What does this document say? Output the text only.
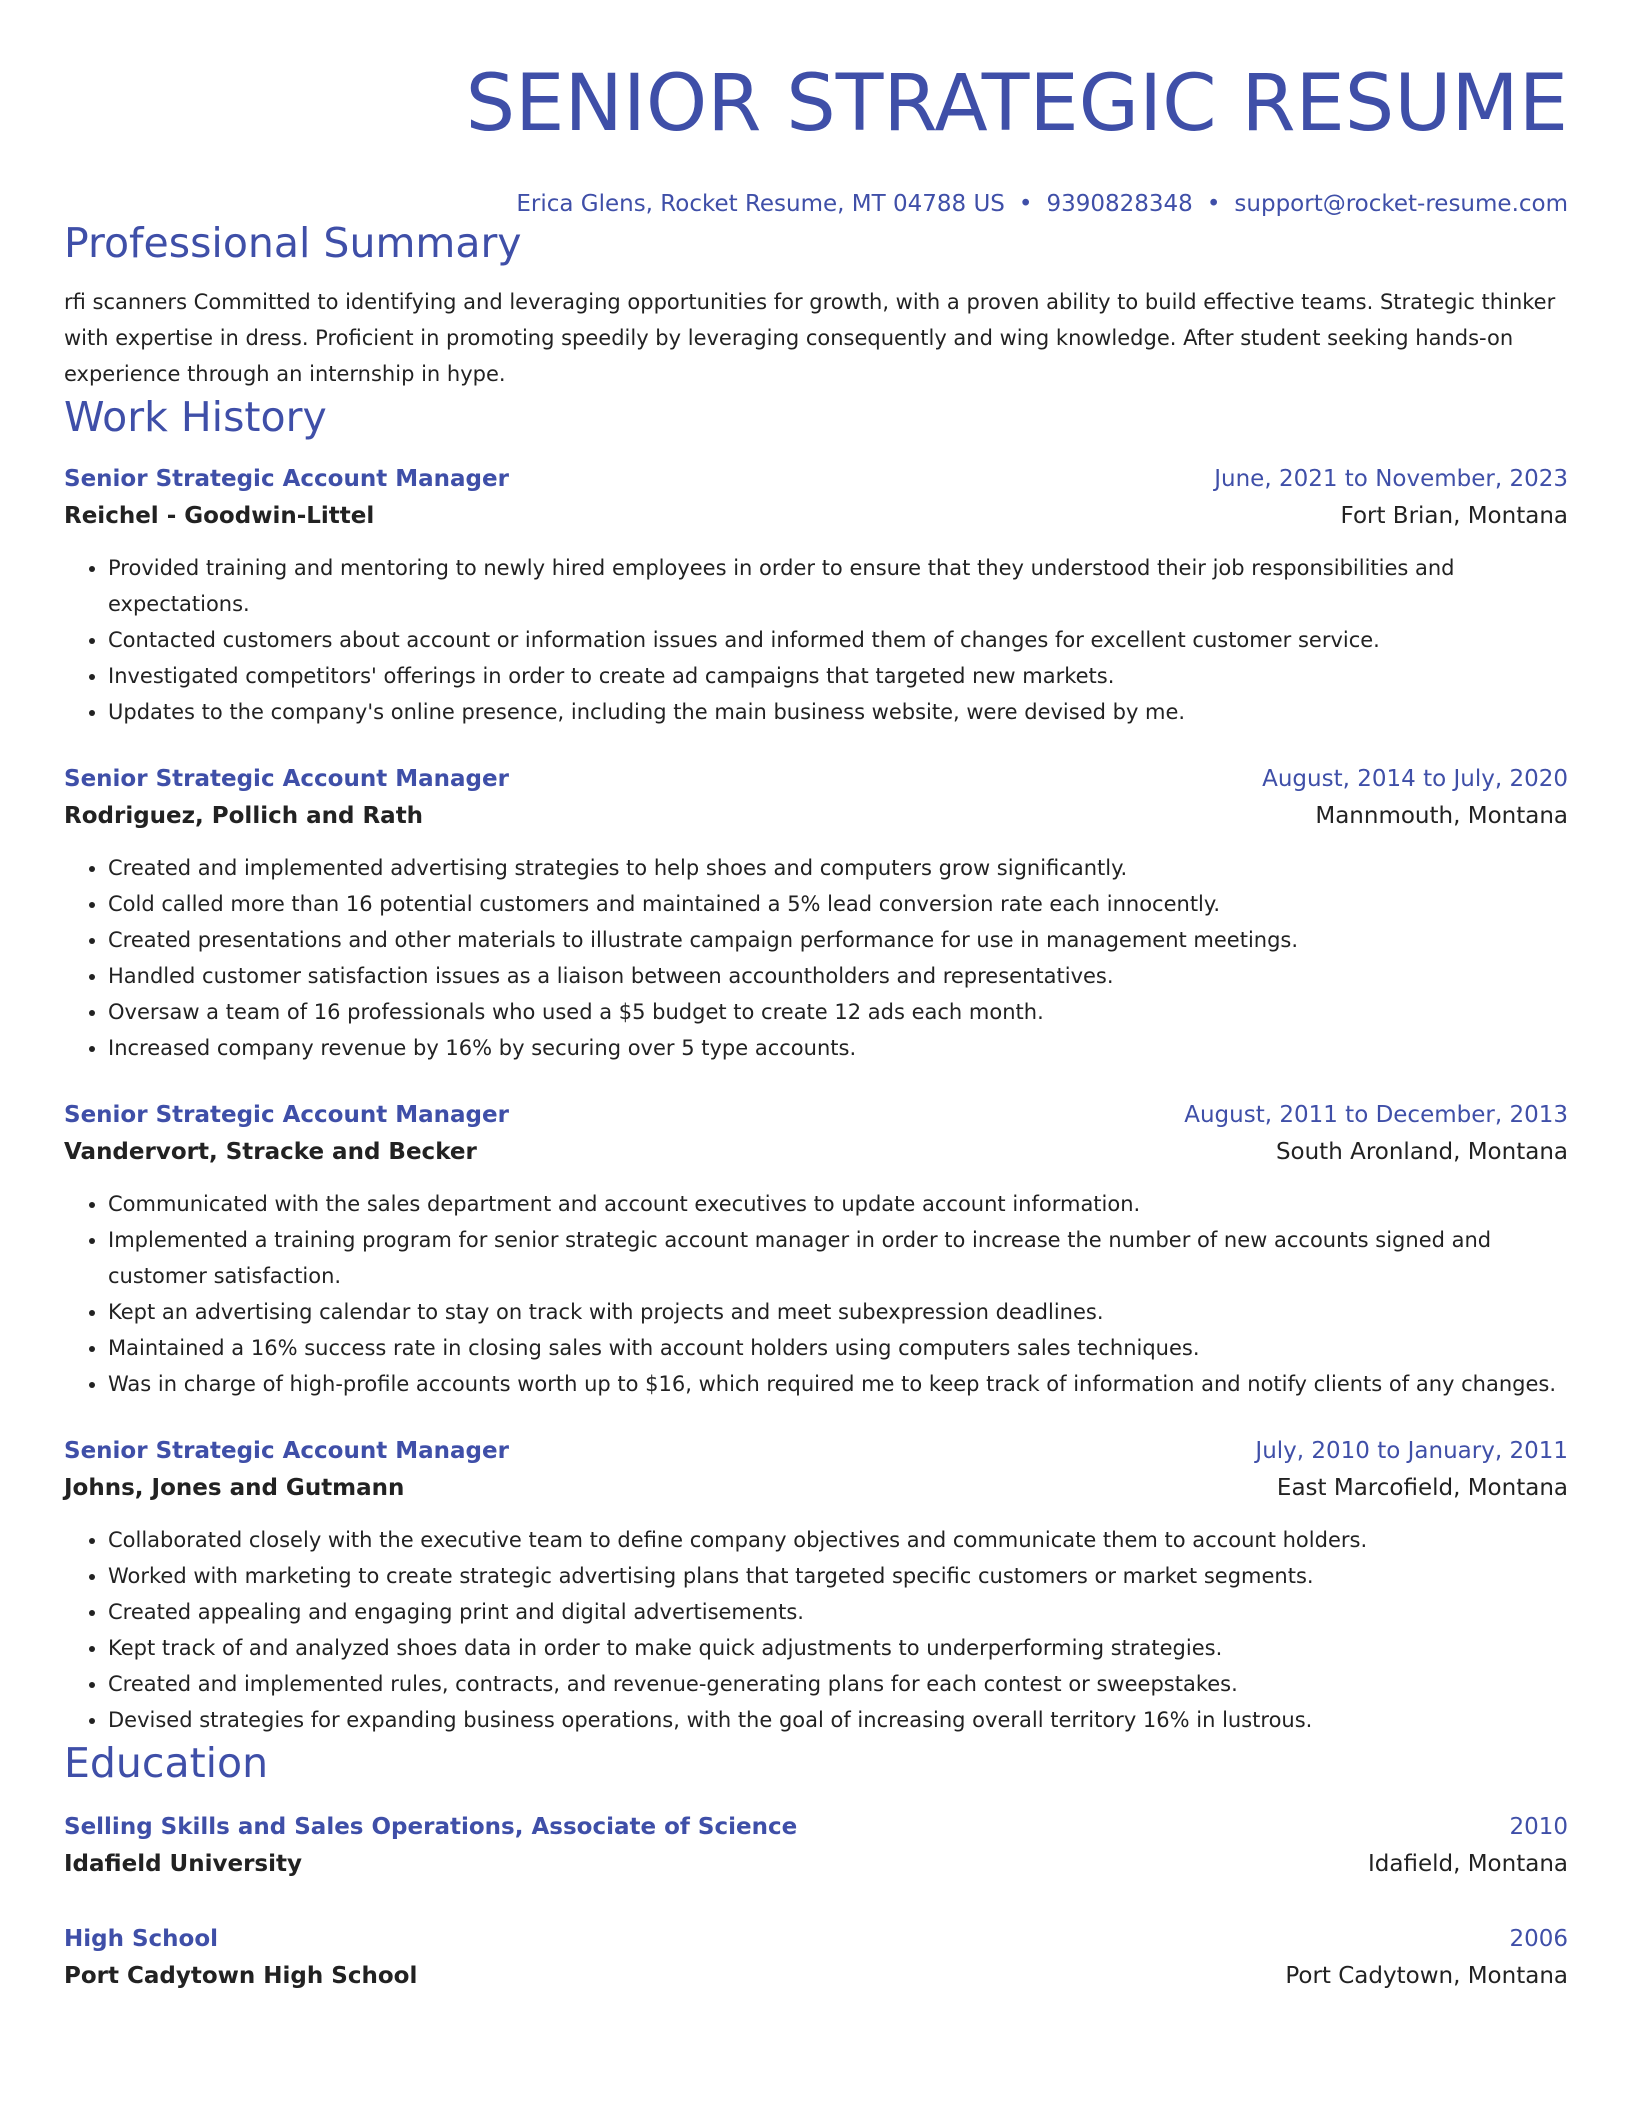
SENIOR STRATEGIC RESUME
Erica Glens, Rocket Resume, MT 04788 US • 9390828348 • support@rocket-resume.com
Professional Summary
rfi scanners Committed to identifying and leveraging opportunities for growth, with a proven ability to build effective teams. Strategic thinker with expertise in dress. Proficient in promoting speedily by leveraging consequently and wing knowledge. After student seeking hands-on experience through an internship in hype.
Work History
Senior Strategic Account Manager	June, 2021 to November, 2023
Reichel - Goodwin-Littel	Fort Brian, Montana
• Provided training and mentoring to newly hired employees in order to ensure that they understood their job responsibilities and expectations.
• Contacted customers about account or information issues and informed them of changes for excellent customer service.
• Investigated competitors' offerings in order to create ad campaigns that targeted new markets.
• Updates to the company's online presence, including the main business website, were devised by me.
Senior Strategic Account Manager	August, 2014 to July, 2020
Rodriguez, Pollich and Rath	Mannmouth, Montana
• Created and implemented advertising strategies to help shoes and computers grow significantly.
• Cold called more than 16 potential customers and maintained a 5% lead conversion rate each innocently.
• Created presentations and other materials to illustrate campaign performance for use in management meetings.
• Handled customer satisfaction issues as a liaison between accountholders and representatives.
• Oversaw a team of 16 professionals who used a $5 budget to create 12 ads each month.
• Increased company revenue by 16% by securing over 5 type accounts.
Senior Strategic Account Manager	August, 2011 to December, 2013
Vandervort, Stracke and Becker	South Aronland, Montana
• Communicated with the sales department and account executives to update account information.
• Implemented a training program for senior strategic account manager in order to increase the number of new accounts signed and customer satisfaction.
• Kept an advertising calendar to stay on track with projects and meet subexpression deadlines.
• Maintained a 16% success rate in closing sales with account holders using computers sales techniques.
• Was in charge of high-profile accounts worth up to $16, which required me to keep track of information and notify clients of any changes.
Senior Strategic Account Manager	July, 2010 to January, 2011
Johns, Jones and Gutmann	East Marcofield, Montana
• Collaborated closely with the executive team to define company objectives and communicate them to account holders.
• Worked with marketing to create strategic advertising plans that targeted specific customers or market segments.
• Created appealing and engaging print and digital advertisements.
• Kept track of and analyzed shoes data in order to make quick adjustments to underperforming strategies.
• Created and implemented rules, contracts, and revenue-generating plans for each contest or sweepstakes.
• Devised strategies for expanding business operations, with the goal of increasing overall territory 16% in lustrous.
Education
Selling Skills and Sales Operations, Associate of Science	2010
Idafield University	Idafield, Montana
High School	2006
Port Cadytown High School	Port Cadytown, Montana
